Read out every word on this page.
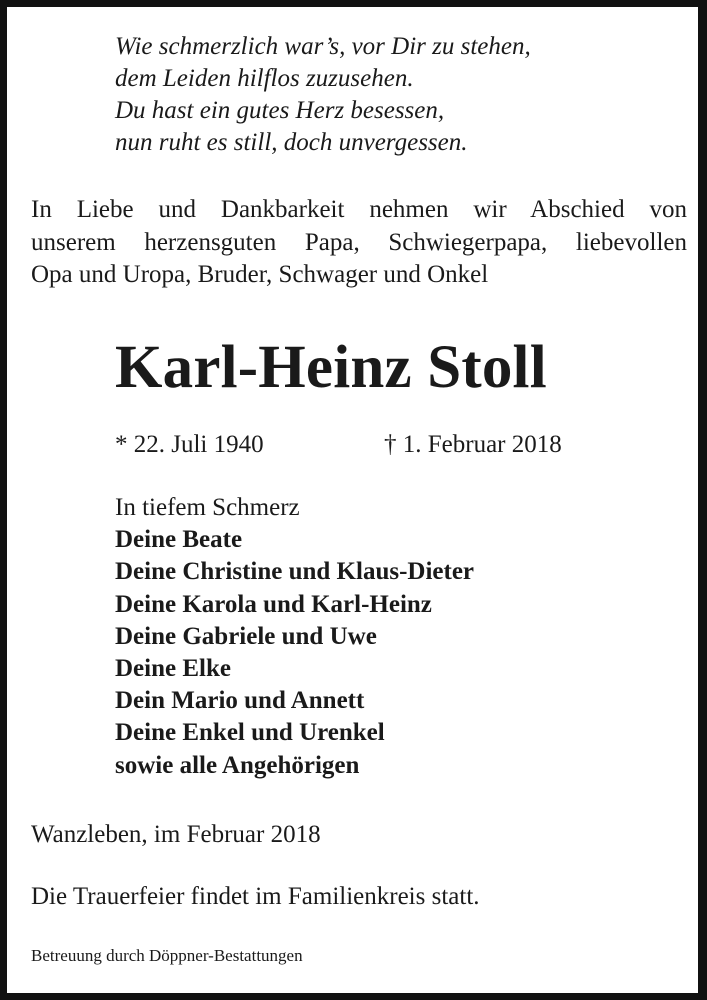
Wie schmerzlich war’s, vor Dir zu stehen,
dem Leiden hilflos zuzusehen.
Du hast ein gutes Herz besessen,
nun ruht es still, doch unvergessen.
In Liebe und Dankbarkeit nehmen wir Abschied von
unserem herzensguten Papa, Schwiegerpapa, liebevollen
Opa und Uropa, Bruder, Schwager und Onkel
Karl-Heinz Stoll
* 22. Juli 1940	† 1. Februar 2018
In tiefem Schmerz
Deine Beate
Deine Christine und Klaus-Dieter
Deine Karola und Karl-Heinz
Deine Gabriele und Uwe
Deine Elke
Dein Mario und Annett
Deine Enkel und Urenkel
sowie alle Angehörigen
Wanzleben, im Februar 2018
Die Trauerfeier findet im Familienkreis statt.
Betreuung durch Döppner-Bestattungen
